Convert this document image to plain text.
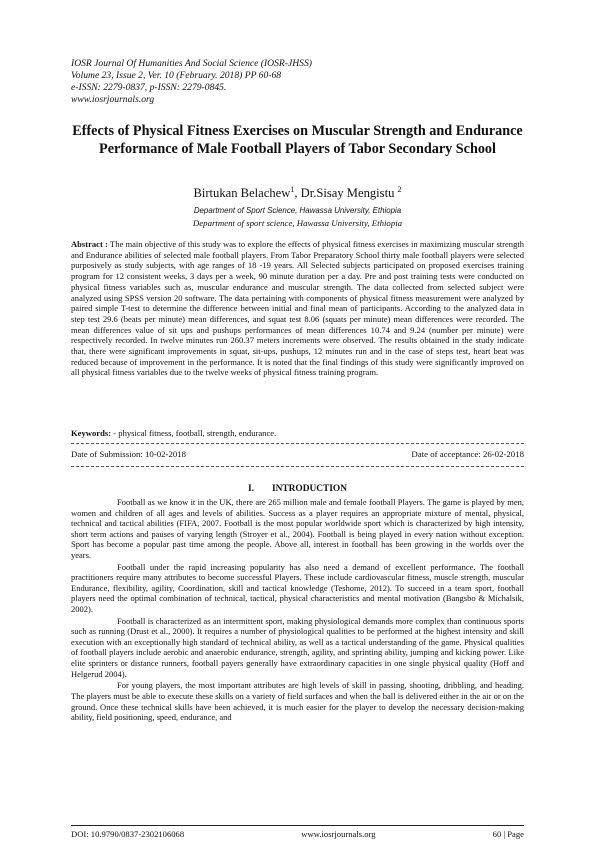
IOSR Journal Of Humanities And Social Science (IOSR-JHSS)
Volume 23, Issue 2, Ver. 10 (February. 2018) PP 60-68
e-ISSN: 2279-0837, p-ISSN: 2279-0845.
www.iosrjournals.org
Effects of Physical Fitness Exercises on Muscular Strength and Endurance Performance of Male Football Players of Tabor Secondary School
Birtukan Belachew$^1$, Dr.Sisay Mengistu $^2$
Department of Sport Science, Hawassa University, Ethiopia
Department of sport science, Hawassa University, Ethiopia

Abstract : The main objective of this study was to explore the effects of physical fitness exercises in maximizing muscular strength and Endurance abilities of selected male football players. From Tabor Preparatory School thirty male football players were selected purposively as study subjects, with age ranges of 18 -19 years. All Selected subjects participated on proposed exercises training program for 12 consistent weeks, 3 days per a week, 90 minute duration per a day. Pre and post training tests were conducted on physical fitness variables such as, muscular endurance and muscular strength. The data collected from selected subject were analyzed using SPSS version 20 software. The data pertaining with components of physical fitness measurement were analyzed by paired simple T-test to determine the difference between initial and final mean of participants. According to the analyzed data in step test 29.6 (beats per minute) mean differences, and squat test 8.06 (squats per minute) mean differences were recorded. The mean differences value of sit ups and pushups performances of mean differences 10.74 and 9.24 (number per minute) were respectively recorded. In twelve minutes run 260.37 meters increments were observed. The results obtained in the study indicate that, there were significant improvements in squat, sit-ups, pushups, 12 minutes run and in the case of steps test, heart beat was reduced because of improvement in the performance. It is noted that the final findings of this study were significantly improved on all physical fitness variables due to the twelve weeks of physical fitness training program.

Keywords: - physical fitness, football, strength, endurance.
Date of Submission: 10-02-2018	Date of acceptance: 26-02-2018
I. INTRODUCTION

Football as we know it in the UK, there are 265 million male and female football Players. The game is played by men, women and children of all ages and levels of abilities. Success as a player requires an appropriate mixture of mental, physical, technical and tactical abilities (FIFA, 2007. Football is the most popular worldwide sport which is characterized by high intensity, short term actions and pauses of varying length (Stroyer et al., 2004). Football is being played in every nation without exception. Sport has become a popular past time among the people. Above all, interest in football has been growing in the worlds over the years.

Football under the rapid increasing popularity has also need a demand of excellent performance. The football practitioners require many attributes to become successful Players. These include cardiovascular fitness, muscle strength, muscular Endurance, flexibility, agility, Coordination, skill and tactical knowledge (Teshome, 2012). To succeed in a team sport, football players need the optimal combination of technical, tactical, physical characteristics and mental motivation (Bangsbo & Michalsik, 2002).

Football is characterized as an intermittent sport, making physiological demands more complex than continuous sports such as running (Drust et al., 2000). It requires a number of physiological qualities to be performed at the highest intensity and skill execution with an exceptionally high standard of technical ability, as well as a tactical understanding of the game. Physical qualities of football players include aerobic and anaerobic endurance, strength, agility, and sprinting ability, jumping and kicking power. Like elite sprinters or distance runners, football payers generally have extraordinary capacities in one single physical quality (Hoff and Helgerud 2004).

For young players, the most important attributes are high levels of skill in passing, shooting, dribbling, and heading. The players must be able to execute these skills on a variety of field surfaces and when the ball is delivered either in the air or on the ground. Once these technical skills have been achieved, it is much easier for the player to develop the necessary decision-making ability, field positioning, speed, endurance, and

DOI: 10.9790/0837-2302106068	www.iosrjournals.org	60 | Page
